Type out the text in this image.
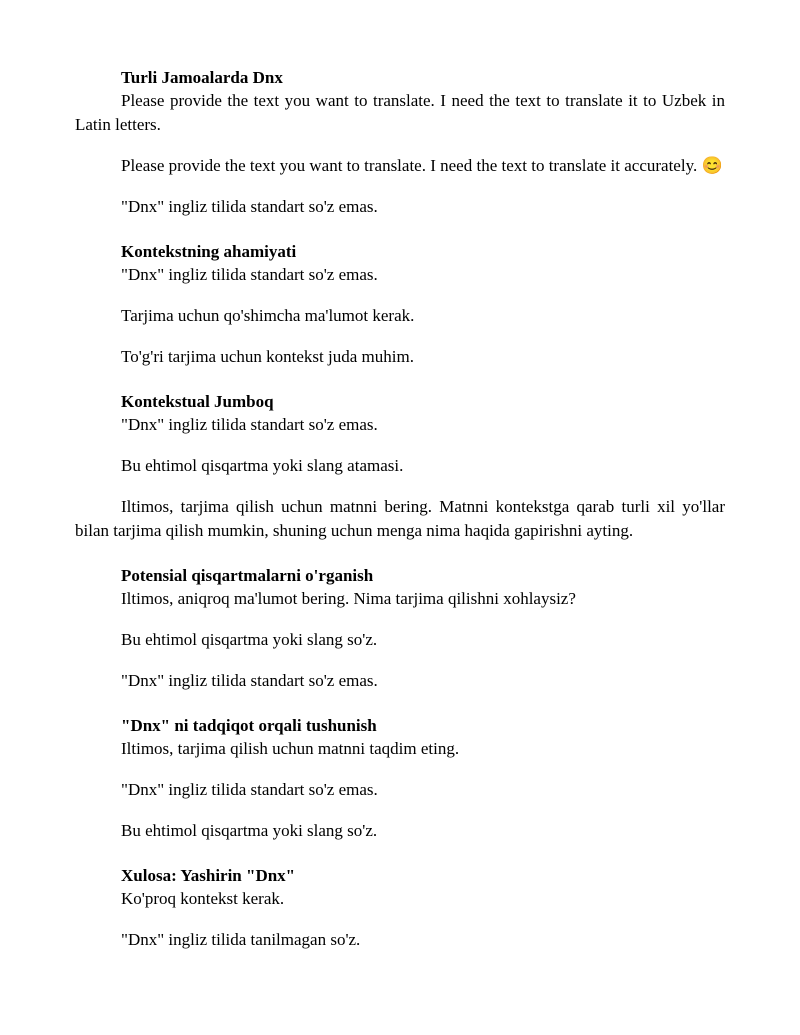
Turli Jamoalarda Dnx

Please provide the text you want to translate. I need the text to translate it to Uzbek in Latin letters.

Please provide the text you want to translate. I need the text to translate it accurately. 😊

"Dnx" ingliz tilida standart so'z emas.

Kontekstning ahamiyati

"Dnx" ingliz tilida standart so'z emas.

Tarjima uchun qo'shimcha ma'lumot kerak.

To'g'ri tarjima uchun kontekst juda muhim.

Kontekstual Jumboq

"Dnx" ingliz tilida standart so'z emas.

Bu ehtimol qisqartma yoki slang atamasi.

Iltimos, tarjima qilish uchun matnni bering. Matnni kontekstga qarab turli xil yo'llar bilan tarjima qilish mumkin, shuning uchun menga nima haqida gapirishni ayting.

Potensial qisqartmalarni o'rganish

Iltimos, aniqroq ma'lumot bering. Nima tarjima qilishni xohlaysiz?

Bu ehtimol qisqartma yoki slang so'z.

"Dnx" ingliz tilida standart so'z emas.

"Dnx" ni tadqiqot orqali tushunish

Iltimos, tarjima qilish uchun matnni taqdim eting.

"Dnx" ingliz tilida standart so'z emas.

Bu ehtimol qisqartma yoki slang so'z.

Xulosa: Yashirin "Dnx"

Ko'proq kontekst kerak.

"Dnx" ingliz tilida tanilmagan so'z.
